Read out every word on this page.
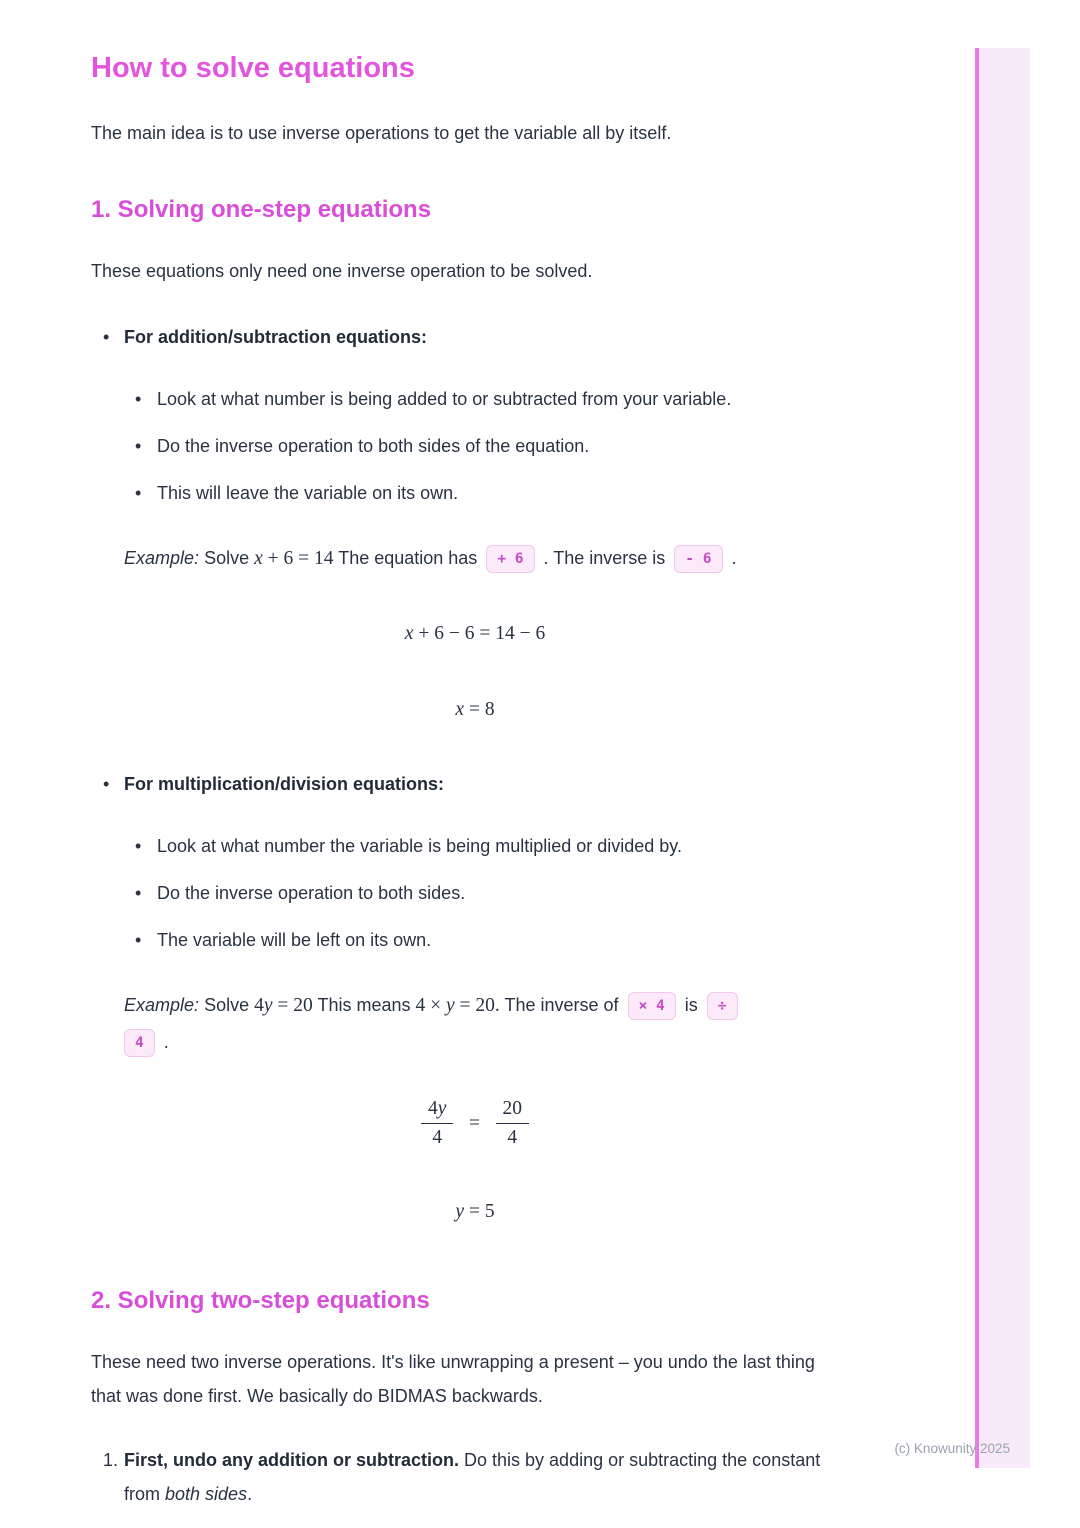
How to solve equations

The main idea is to use inverse operations to get the variable all by itself.

1. Solving one-step equations

These equations only need one inverse operation to be solved.

•
For addition/subtraction equations:
•
Look at what number is being added to or subtracted from your variable.
•
Do the inverse operation to both sides of the equation.
•
This will leave the variable on its own.

Example: Solve x + 6 = 14 The equation has + 6 . The inverse is - 6 .

x + 6 − 6 = 14 − 6
x = 8
•
For multiplication/division equations:
•
Look at what number the variable is being multiplied or divided by.
•
Do the inverse operation to both sides.
•
The variable will be left on its own.

Example: Solve 4y = 20 This means 4 × y = 20. The inverse of × 4 is ÷
4 .

$\frac{4y}{4} = \frac{20}{4}$
y = 5
2. Solving two-step equations

These need two inverse operations. It's like unwrapping a present – you undo the last thing that was done first. We basically do BIDMAS backwards.

1. First, undo any addition or subtraction. Do this by adding or subtracting the constant from both sides.
(c) Knowunity 2025
